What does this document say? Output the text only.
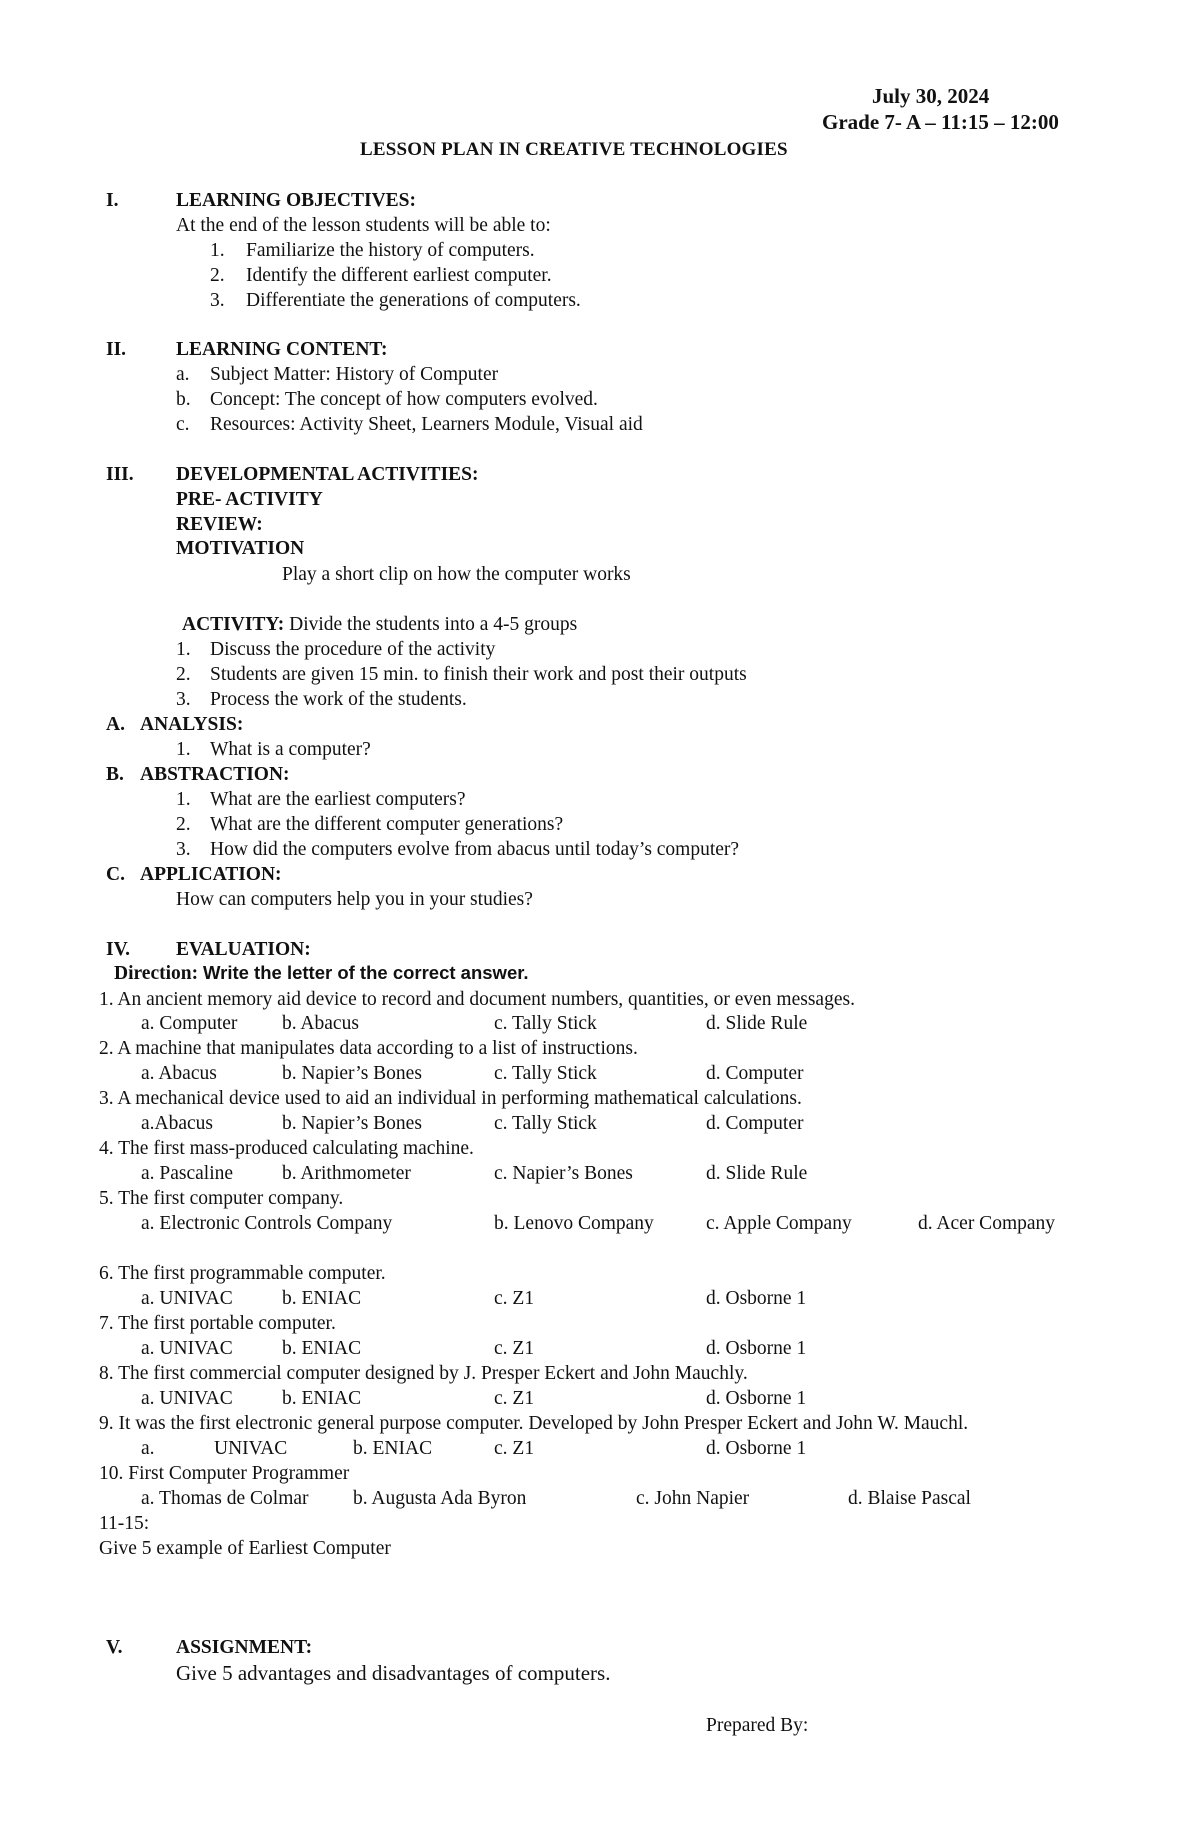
July 30, 2024
Grade 7- A – 11:15 – 12:00
LESSON PLAN IN CREATIVE TECHNOLOGIES
I.	LEARNING OBJECTIVES:
At the end of the lesson students will be able to:
1. Familiarize the history of computers.
2. Identify the different earliest computer.
3. Differentiate the generations of computers.
II.	LEARNING CONTENT:
a. Subject Matter: History of Computer
b. Concept: The concept of how computers evolved.
c. Resources: Activity Sheet, Learners Module, Visual aid
III. DEVELOPMENTAL ACTIVITIES:
PRE- ACTIVITY
REVIEW:
MOTIVATION
Play a short clip on how the computer works
ACTIVITY: Divide the students into a 4-5 groups
1. Discuss the procedure of the activity
2. Students are given 15 min. to finish their work and post their outputs
3. Process the work of the students.
A. ANALYSIS:
1. What is a computer?
B. ABSTRACTION:
1. What are the earliest computers?
2. What are the different computer generations?
3. How did the computers evolve from abacus until today’s computer?
C. APPLICATION:
How can computers help you in your studies?
IV. EVALUATION:
Direction: Write the letter of the correct answer.
1. An ancient memory aid device to record and document numbers, quantities, or even messages.
a. Computer b. Abacus	c. Tally Stick	d. Slide Rule
2. A machine that manipulates data according to a list of instructions.
a. Abacus	b. Napier’s Bones	c. Tally Stick	d. Computer
3. A mechanical device used to aid an individual in performing mathematical calculations.
a.Abacus	b. Napier’s Bones	c. Tally Stick	d. Computer
4. The first mass-produced calculating machine.
a. Pascaline	b. Arithmometer	c. Napier’s Bones	d. Slide Rule
5. The first computer company.
a. Electronic Controls Company	b. Lenovo Company	c. Apple Company	d. Acer Company
6. The first programmable computer.
a. UNIVAC	b. ENIAC	c. Z1	d. Osborne 1
7. The first portable computer.
a. UNIVAC	b. ENIAC	c. Z1	d. Osborne 1
8. The first commercial computer designed by J. Presper Eckert and John Mauchly.
a. UNIVAC	b. ENIAC	c. Z1	d. Osborne 1
9. It was the first electronic general purpose computer. Developed by John Presper Eckert and John W. Mauchl.
a.	UNIVAC	b. ENIAC	c. Z1	d. Osborne 1
10. First Computer Programmer
a. Thomas de Colmar b. Augusta Ada Byron	c. John Napier	d. Blaise Pascal
11-15:
Give 5 example of Earliest Computer
V.	ASSIGNMENT:
Give 5 advantages and disadvantages of computers.
Prepared By:
